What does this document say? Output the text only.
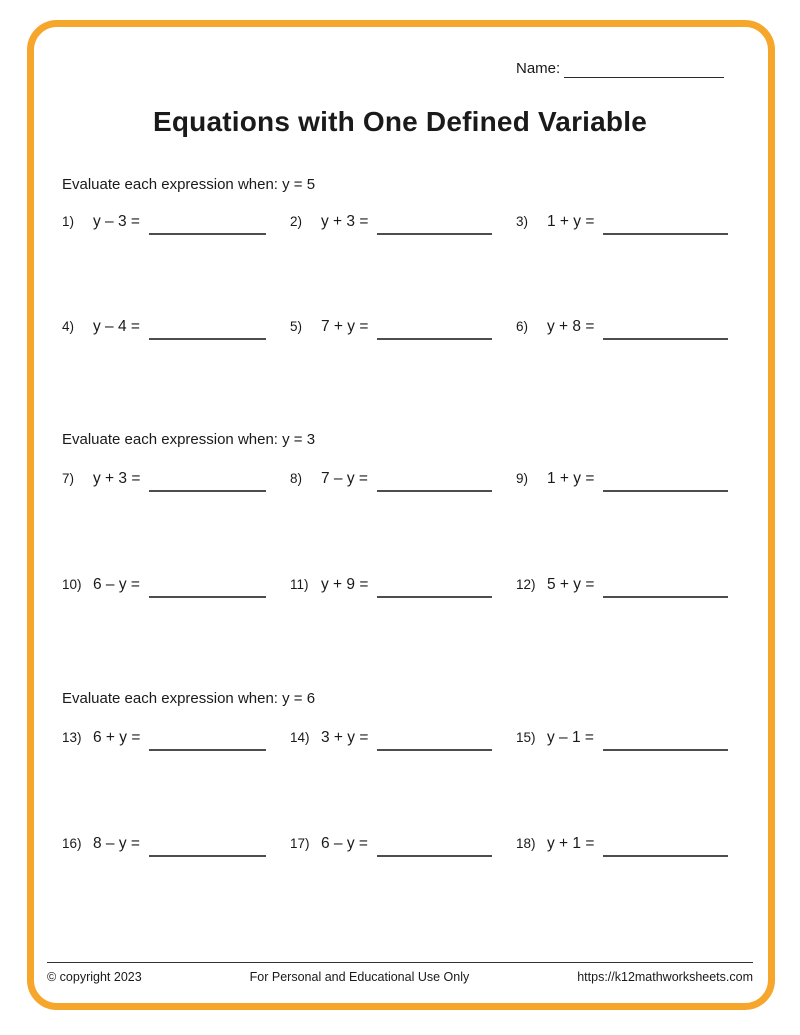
Name:
Equations with One Defined Variable
Evaluate each expression when: y = 5
1)	y – 3 =	2)	y + 3 =	3)	1 + y =
4)	y – 4 =	5)	7 + y =	6)	y + 8 =
Evaluate each expression when: y = 3
7)	y + 3 =	8)	7 – y =	9)	1 + y =
10) 6 – y =	11) y + 9 =	12) 5 + y =
Evaluate each expression when: y = 6
13) 6 + y =	14) 3 + y =	15) y – 1 =
16) 8 – y =	17) 6 – y =	18) y + 1 =
© copyright 2023	For Personal and Educational Use Only	https://k12mathworksheets.com
